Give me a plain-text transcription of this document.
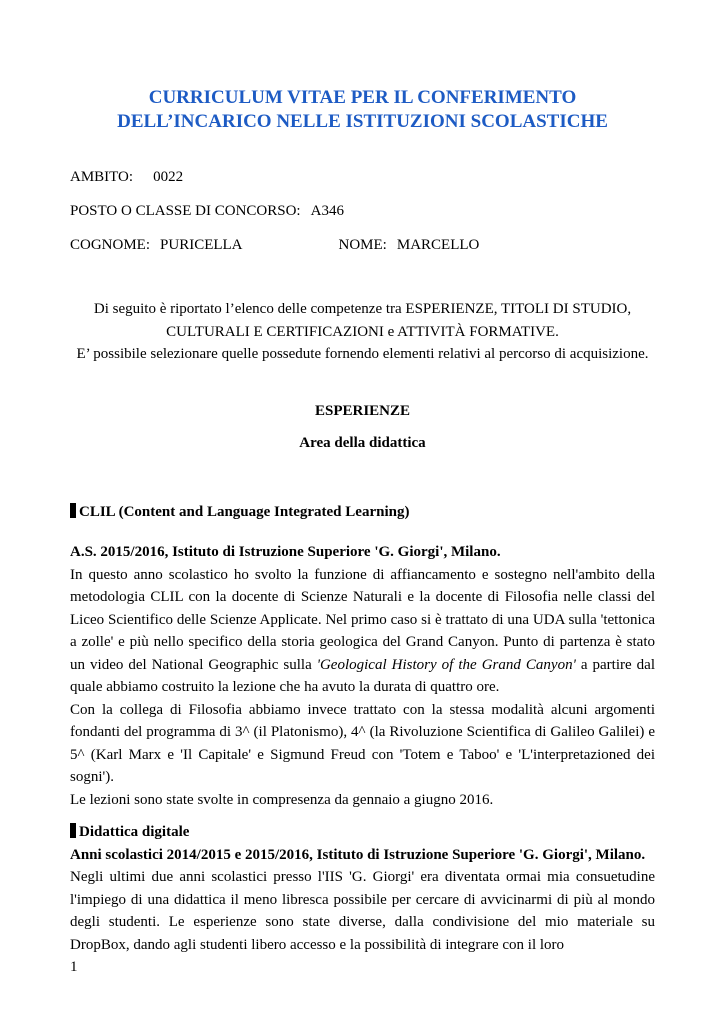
CURRICULUM VITAE PER IL CONFERIMENTO
DELL’INCARICO NELLE ISTITUZIONI SCOLASTICHE

AMBITO: 0022

POSTO O CLASSE DI CONCORSO: A346

COGNOME: PURICELLA	NOME: MARCELLO

Di seguito è riportato l’elenco delle competenze tra ESPERIENZE, TITOLI DI STUDIO, CULTURALI E CERTIFICAZIONI e ATTIVITÀ FORMATIVE.
E’ possibile selezionare quelle possedute fornendo elementi relativi al percorso di acquisizione.

ESPERIENZE

Area della didattica

CLIL (Content and Language Integrated Learning)

A.S. 2015/2016, Istituto di Istruzione Superiore 'G. Giorgi', Milano.

In questo anno scolastico ho svolto la funzione di affiancamento e sostegno nell'ambito della metodologia CLIL con la docente di Scienze Naturali e la docente di Filosofia nelle classi del Liceo Scientifico delle Scienze Applicate. Nel primo caso si è trattato di una UDA sulla 'tettonica a zolle' e più nello specifico della storia geologica del Grand Canyon. Punto di partenza è stato un video del National Geographic sulla 'Geological History of the Grand Canyon' a partire dal quale abbiamo costruito la lezione che ha avuto la durata di quattro ore.

Con la collega di Filosofia abbiamo invece trattato con la stessa modalità alcuni argomenti fondanti del programma di 3^ (il Platonismo), 4^ (la Rivoluzione Scientifica di Galileo Galilei) e 5^ (Karl Marx e 'Il Capitale' e Sigmund Freud con 'Totem e Taboo' e 'L'interpretazioned dei sogni').

Le lezioni sono state svolte in compresenza da gennaio a giugno 2016.

Didattica digitale

Anni scolastici 2014/2015 e 2015/2016, Istituto di Istruzione Superiore 'G. Giorgi', Milano.

Negli ultimi due anni scolastici presso l'IIS 'G. Giorgi' era diventata ormai mia consuetudine l'impiego di una didattica il meno libresca possibile per cercare di avvicinarmi di più al mondo degli studenti. Le esperienze sono state diverse, dalla condivisione del mio materiale su DropBox, dando agli studenti libero accesso e la possibilità di integrare con il loro

1
